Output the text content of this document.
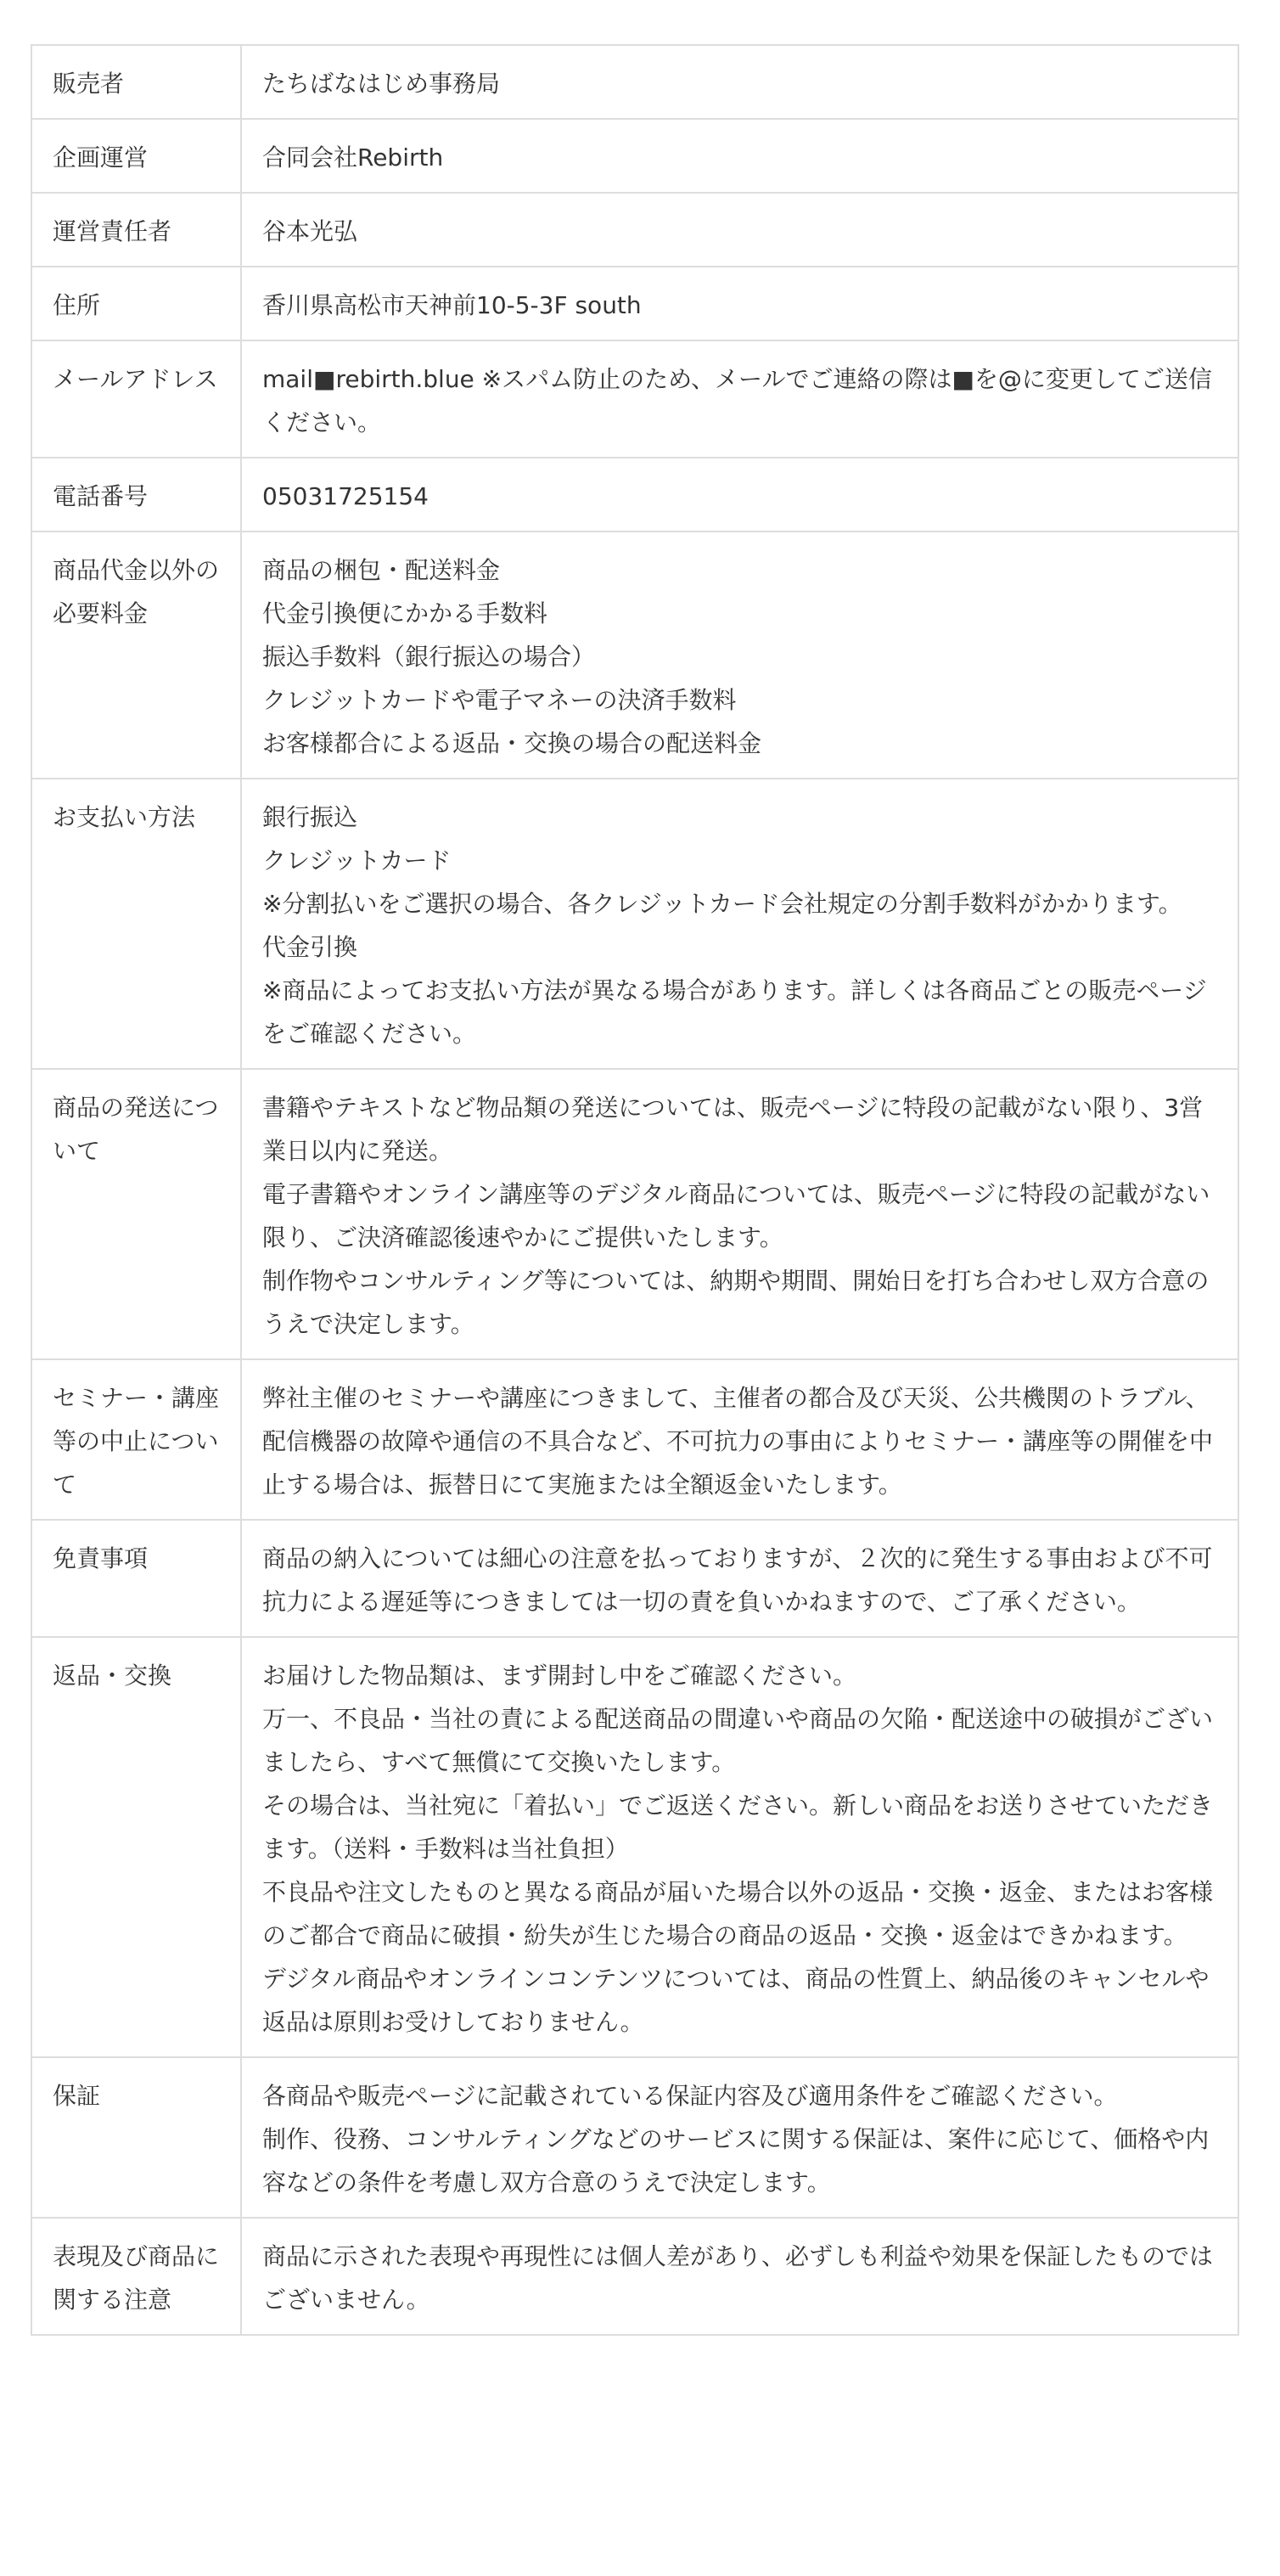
販売者	たちばなはじめ事務局

企画運営	合同会社Rebirth

運営責任者	谷本光弘

住所	香川県高松市天神前10-5-3F south

メールアドレス	mail■rebirth.blue ※スパム防止のため、メールでご連絡の際は■を@に変更してご送信ください。

電話番号	05031725154

商品代金以外の必要料金	商品の梱包・配送料金
代金引換便にかかる手数料
振込手数料（銀行振込の場合）
クレジットカードや電子マネーの決済手数料
お客様都合による返品・交換の場合の配送料金

お支払い方法	銀行振込
クレジットカード
※分割払いをご選択の場合、各クレジットカード会社規定の分割手数料がかかります。
代金引換
※商品によってお支払い方法が異なる場合があります。詳しくは各商品ごとの販売ページをご確認ください。

商品の発送について	書籍やテキストなど物品類の発送については、販売ページに特段の記載がない限り、3営業日以内に発送。
電子書籍やオンライン講座等のデジタル商品については、販売ページに特段の記載がない限り、ご決済確認後速やかにご提供いたします。
制作物やコンサルティング等については、納期や期間、開始日を打ち合わせし双方合意のうえで決定します。

セミナー・講座等の中止について	弊社主催のセミナーや講座につきまして、主催者の都合及び天災、公共機関のトラブル、配信機器の故障や通信の不具合など、不可抗力の事由によりセミナー・講座等の開催を中止する場合は、振替日にて実施または全額返金いたします。

免責事項	商品の納入については細心の注意を払っておりますが、２次的に発生する事由および不可抗力による遅延等につきましては一切の責を負いかねますので、ご了承ください。

返品・交換	お届けした物品類は、まず開封し中をご確認ください。
万一、不良品・当社の責による配送商品の間違いや商品の欠陥・配送途中の破損がございましたら、すべて無償にて交換いたします。
その場合は、当社宛に「着払い」でご返送ください。新しい商品をお送りさせていただきます。（送料・手数料は当社負担）
不良品や注文したものと異なる商品が届いた場合以外の返品・交換・返金、またはお客様のご都合で商品に破損・紛失が生じた場合の商品の返品・交換・返金はできかねます。
デジタル商品やオンラインコンテンツについては、商品の性質上、納品後のキャンセルや返品は原則お受けしておりません。

保証	各商品や販売ページに記載されている保証内容及び適用条件をご確認ください。
制作、役務、コンサルティングなどのサービスに関する保証は、案件に応じて、価格や内容などの条件を考慮し双方合意のうえで決定します。

表現及び商品に関する注意	商品に示された表現や再現性には個人差があり、必ずしも利益や効果を保証したものではございません。
